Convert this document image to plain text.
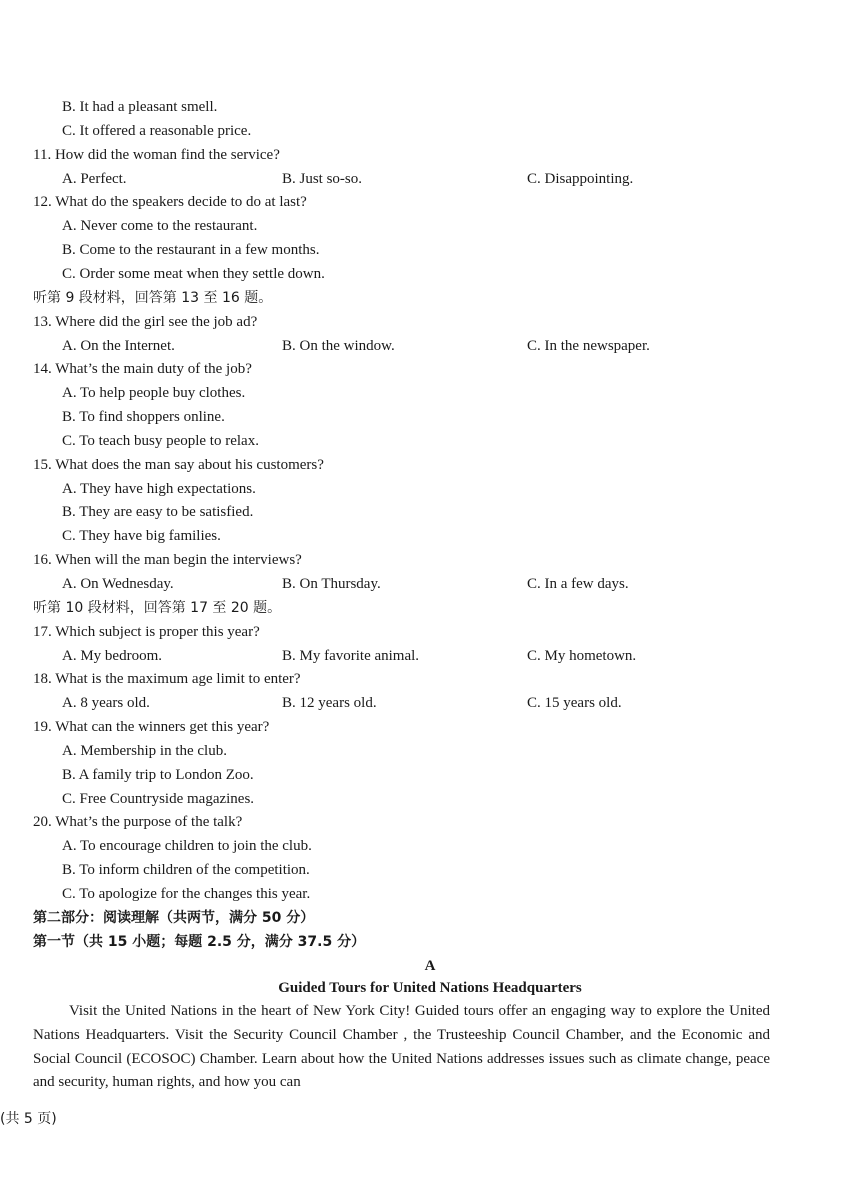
B. It had a pleasant smell.
C. It offered a reasonable price.
11. How did the woman find the service?
A. Perfect.	B. Just so-so.	C. Disappointing.
12. What do the speakers decide to do at last?
A. Never come to the restaurant.
B. Come to the restaurant in a few months.
C. Order some meat when they settle down.
听第 9 段材料，回答第 13 至 16 题。
13. Where did the girl see the job ad?
A. On the Internet.	B. On the window.	C. In the newspaper.
14. What’s the main duty of the job?
A. To help people buy clothes.
B. To find shoppers online.
C. To teach busy people to relax.
15. What does the man say about his customers?
A. They have high expectations.
B. They are easy to be satisfied.
C. They have big families.
16. When will the man begin the interviews?
A. On Wednesday.	B. On Thursday.	C. In a few days.
听第 10 段材料，回答第 17 至 20 题。
17. Which subject is proper this year?
A. My bedroom.	B. My favorite animal.	C. My hometown.
18. What is the maximum age limit to enter?
A. 8 years old.	B. 12 years old.	C. 15 years old.
19. What can the winners get this year?
A. Membership in the club.
B. A family trip to London Zoo.
C. Free Countryside magazines.
20. What’s the purpose of the talk?
A. To encourage children to join the club.
B. To inform children of the competition.
C. To apologize for the changes this year.
第二部分：阅读理解（共两节，满分 50 分）
第一节（共 15 小题；每题 2.5 分，满分 37.5 分）
A
Guided Tours for United Nations Headquarters
Visit the United Nations in the heart of New York City! Guided tours offer an engaging way to explore the United Nations Headquarters. Visit the Security Council Chamber , the Trusteeship Council Chamber, and the Economic and Social Council (ECOSOC) Chamber. Learn about how the United Nations addresses issues such as climate change, peace and security, human rights, and how you can
(共 5 页)
